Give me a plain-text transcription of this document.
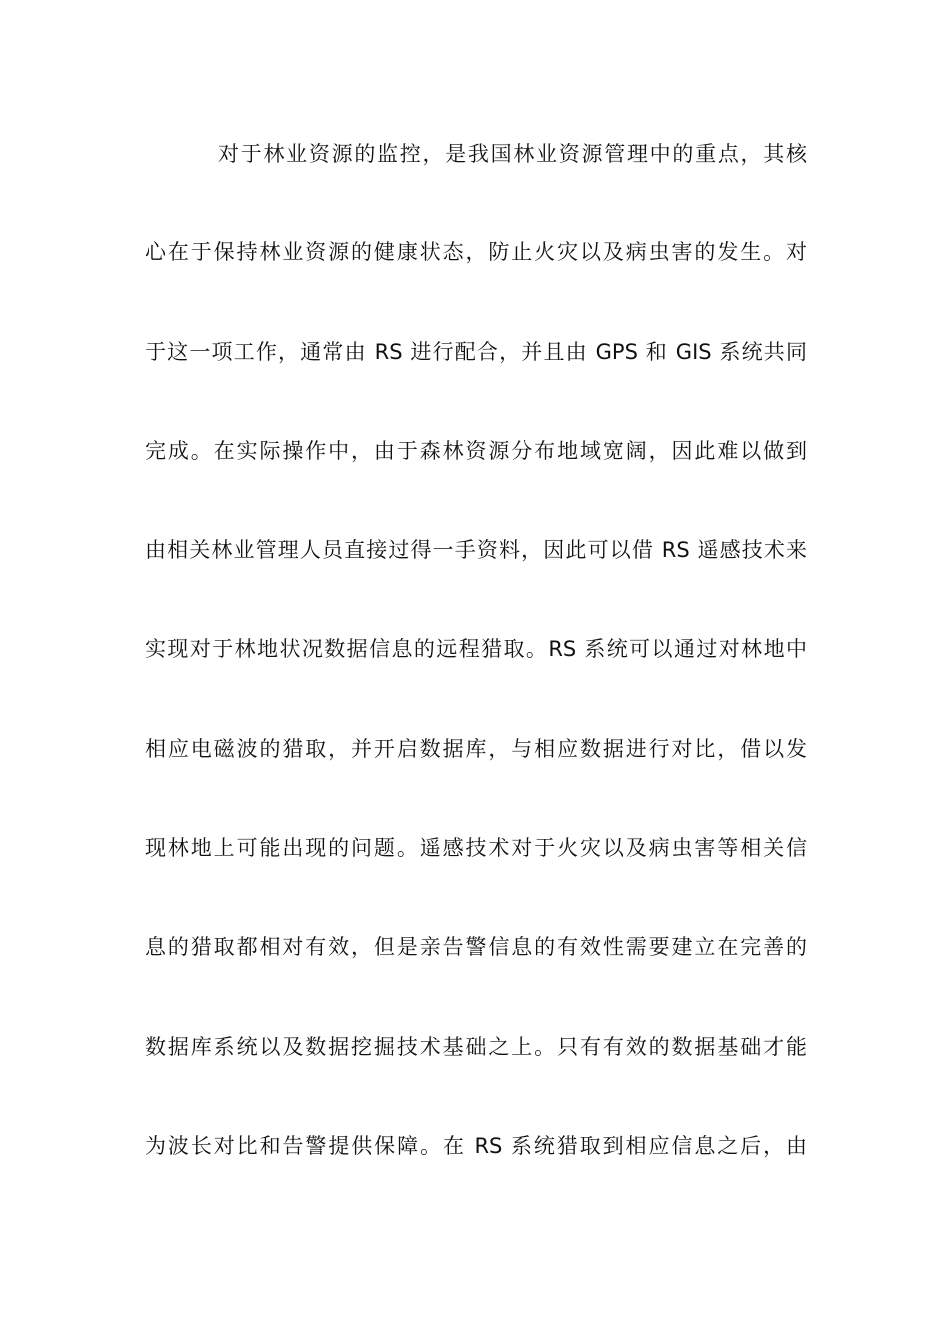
对于林业资源的监控，是我国林业资源管理中的重点，其核
心在于保持林业资源的健康状态，防止火灾以及病虫害的发生。对
于这一项工作，通常由 RS 进行配合，并且由 GPS 和 GIS 系统共同
完成。在实际操作中，由于森林资源分布地域宽阔，因此难以做到
由相关林业管理人员直接过得一手资料，因此可以借 RS 遥感技术来
实现对于林地状况数据信息的远程猎取。RS 系统可以通过对林地中
相应电磁波的猎取，并开启数据库，与相应数据进行对比，借以发
现林地上可能出现的问题。遥感技术对于火灾以及病虫害等相关信
息的猎取都相对有效，但是亲告警信息的有效性需要建立在完善的
数据库系统以及数据挖掘技术基础之上。只有有效的数据基础才能
为波长对比和告警提供保障。在 RS 系统猎取到相应信息之后，由
